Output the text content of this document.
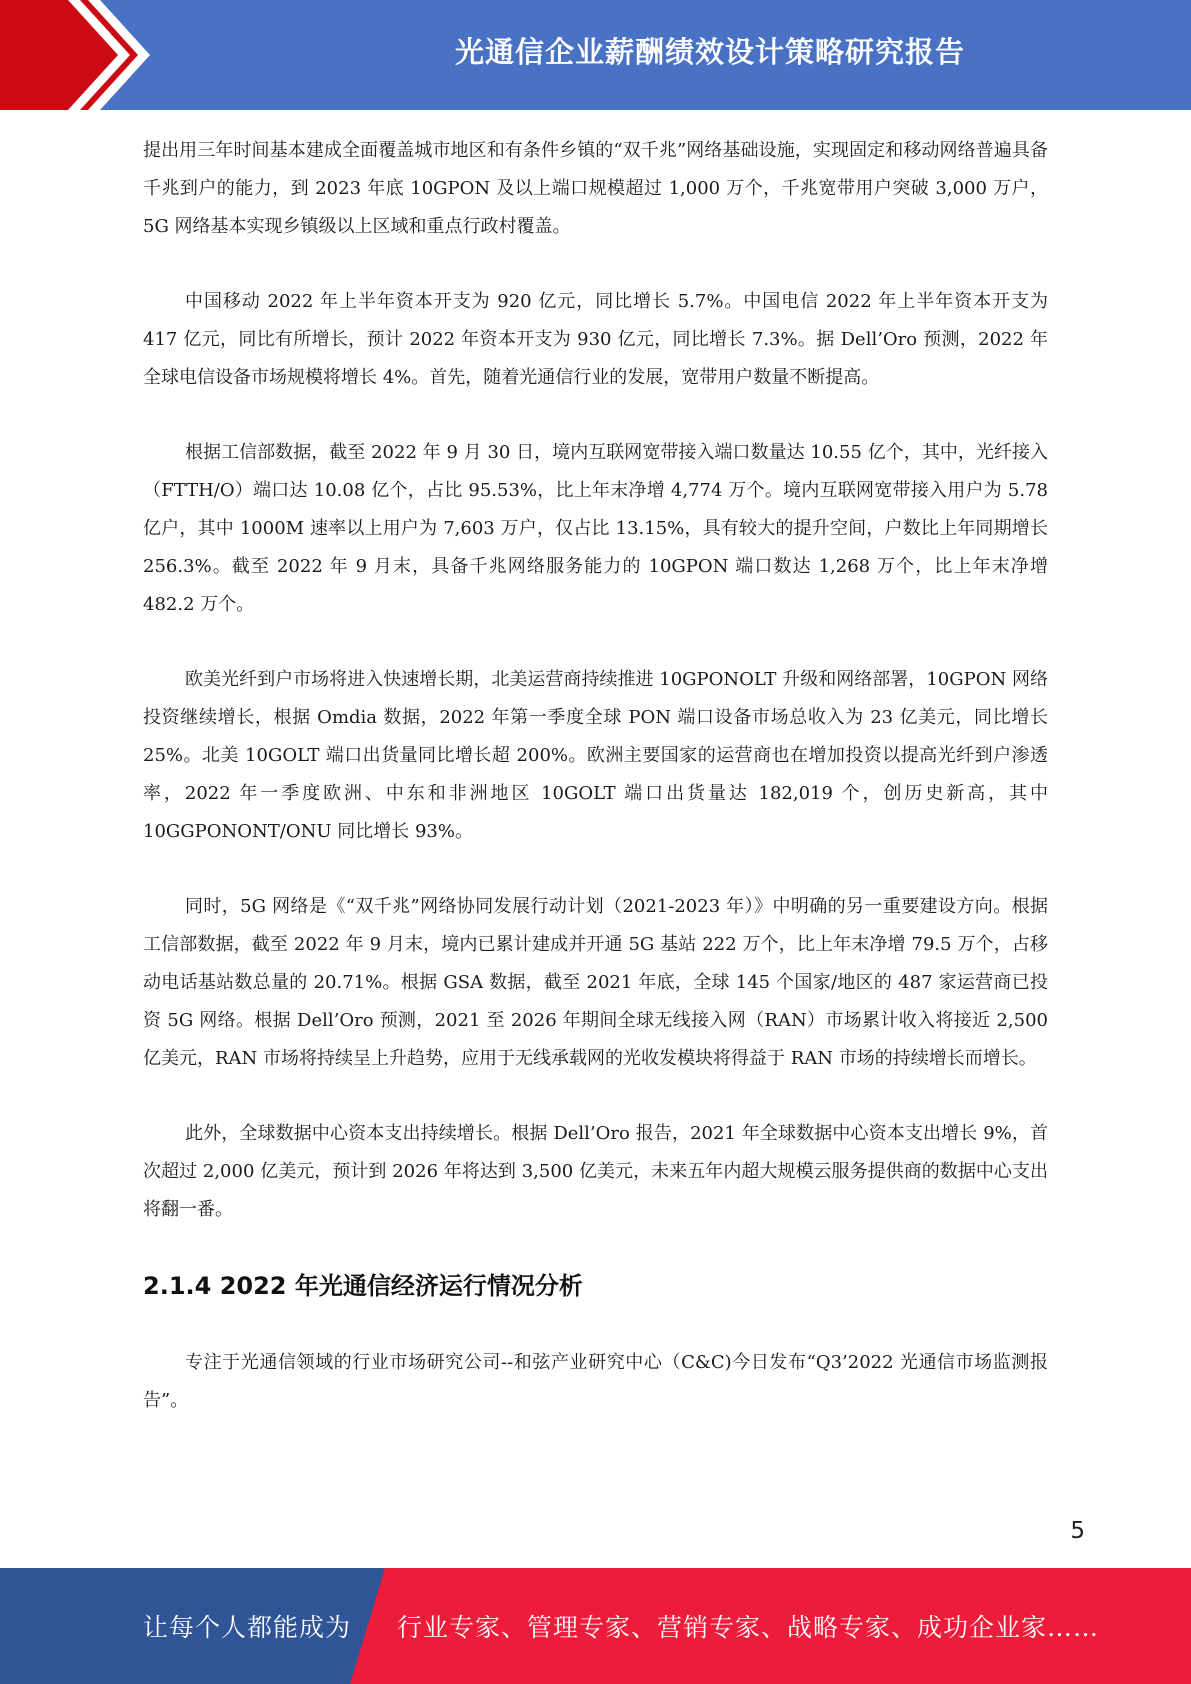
光通信企业薪酬绩效设计策略研究报告

提出用三年时间基本建成全面覆盖城市地区和有条件乡镇的“双千兆”网络基础设施，实现固定和移动网络普遍具备千兆到户的能力，到 2023 年底 10GPON 及以上端口规模超过 1,000 万个，千兆宽带用户突破 3,000 万户，5G 网络基本实现乡镇级以上区域和重点行政村覆盖。

中国移动 2022 年上半年资本开支为 920 亿元，同比增长 5.7%。中国电信 2022 年上半年资本开支为 417 亿元，同比有所增长，预计 2022 年资本开支为 930 亿元，同比增长 7.3%。据 Dell’Oro 预测，2022 年全球电信设备市场规模将增长 4%。首先，随着光通信行业的发展，宽带用户数量不断提高。

根据工信部数据，截至 2022 年 9 月 30 日，境内互联网宽带接入端口数量达 10.55 亿个，其中，光纤接入（FTTH/O）端口达 10.08 亿个，占比 95.53%，比上年末净增 4,774 万个。境内互联网宽带接入用户为 5.78 亿户，其中 1000M 速率以上用户为 7,603 万户，仅占比 13.15%，具有较大的提升空间，户数比上年同期增长 256.3%。截至 2022 年 9 月末，具备千兆网络服务能力的 10GPON 端口数达 1,268 万个，比上年末净增 482.2 万个。

欧美光纤到户市场将进入快速增长期，北美运营商持续推进 10GPONOLT 升级和网络部署，10GPON 网络投资继续增长，根据 Omdia 数据，2022 年第一季度全球 PON 端口设备市场总收入为 23 亿美元，同比增长 25%。北美 10GOLT 端口出货量同比增长超 200%。欧洲主要国家的运营商也在增加投资以提高光纤到户渗透率，2022 年一季度欧洲、中东和非洲地区 10GOLT 端口出货量达 182,019 个，创历史新高，其中 10GGPONONT/ONU 同比增长 93%。

同时，5G 网络是《“双千兆”网络协同发展行动计划（2021-2023 年）》中明确的另一重要建设方向。根据工信部数据，截至 2022 年 9 月末，境内已累计建成并开通 5G 基站 222 万个，比上年末净增 79.5 万个，占移动电话基站数总量的 20.71%。根据 GSA 数据，截至 2021 年底，全球 145 个国家/地区的 487 家运营商已投资 5G 网络。根据 Dell’Oro 预测，2021 至 2026 年期间全球无线接入网（RAN）市场累计收入将接近 2,500 亿美元，RAN 市场将持续呈上升趋势，应用于无线承载网的光收发模块将得益于 RAN 市场的持续增长而增长。

此外，全球数据中心资本支出持续增长。根据 Dell’Oro 报告，2021 年全球数据中心资本支出增长 9%，首次超过 2,000 亿美元，预计到 2026 年将达到 3,500 亿美元，未来五年内超大规模云服务提供商的数据中心支出将翻一番。

2.1.4 2022 年光通信经济运行情况分析

专注于光通信领域的行业市场研究公司--和弦产业研究中心（C&C)今日发布“Q3’2022 光通信市场监测报告”。

5
让每个人都能成为 行业专家、管理专家、营销专家、战略专家、成功企业家……
